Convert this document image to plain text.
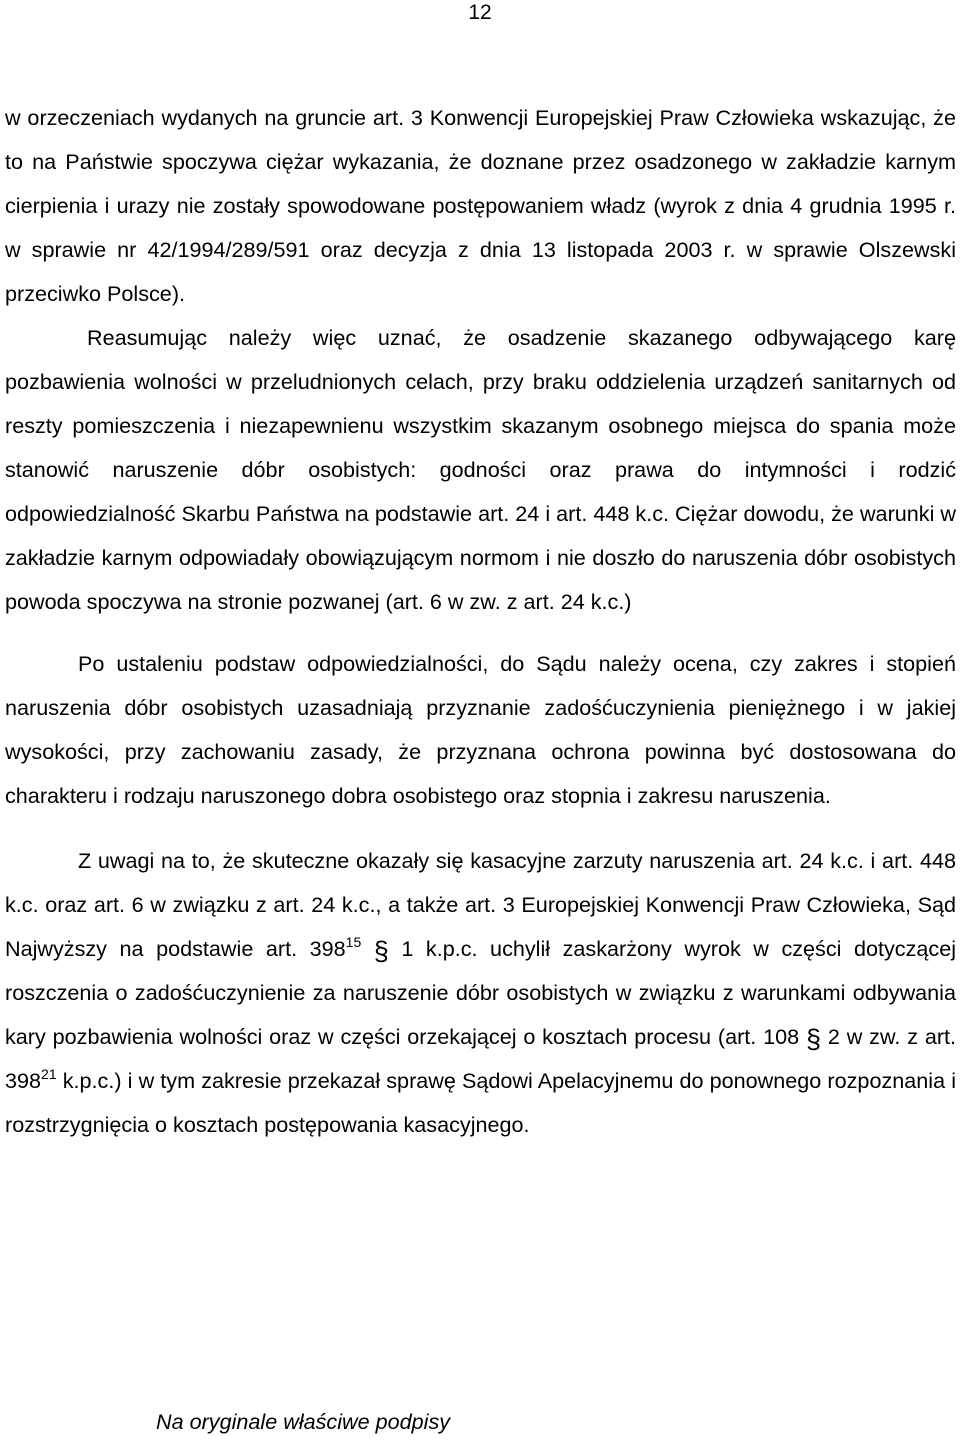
12

w orzeczeniach wydanych na gruncie art. 3 Konwencji Europejskiej Praw Człowieka wskazując, że to na Państwie spoczywa ciężar wykazania, że doznane przez osadzonego w zakładzie karnym cierpienia i urazy nie zostały spowodowane postępowaniem władz (wyrok z dnia 4 grudnia 1995 r. w sprawie nr 42/1994/289/591 oraz decyzja z dnia 13 listopada 2003 r. w sprawie Olszewski przeciwko Polsce).

Reasumując należy więc uznać, że osadzenie skazanego odbywającego karę pozbawienia wolności w przeludnionych celach, przy braku oddzielenia urządzeń sanitarnych od reszty pomieszczenia i niezapewnienu wszystkim skazanym osobnego miejsca do spania może stanowić naruszenie dóbr osobistych: godności oraz prawa do intymności i rodzić odpowiedzialność Skarbu Państwa na podstawie art. 24 i art. 448 k.c. Ciężar dowodu, że warunki w zakładzie karnym odpowiadały obowiązującym normom i nie doszło do naruszenia dóbr osobistych powoda spoczywa na stronie pozwanej (art. 6 w zw. z art. 24 k.c.)

Po ustaleniu podstaw odpowiedzialności, do Sądu należy ocena, czy zakres i stopień naruszenia dóbr osobistych uzasadniają przyznanie zadośćuczynienia pieniężnego i w jakiej wysokości, przy zachowaniu zasady, że przyznana ochrona powinna być dostosowana do charakteru i rodzaju naruszonego dobra osobistego oraz stopnia i zakresu naruszenia.

Z uwagi na to, że skuteczne okazały się kasacyjne zarzuty naruszenia art. 24 k.c. i art. 448 k.c. oraz art. 6 w związku z art. 24 k.c., a także art. 3 Europejskiej Konwencji Praw Człowieka, Sąd Najwyższy na podstawie art. $398^{15}$ § 1 k.p.c. uchylił zaskarżony wyrok w części dotyczącej roszczenia o zadośćuczynienie za naruszenie dóbr osobistych w związku z warunkami odbywania kary pozbawienia wolności oraz w części orzekającej o kosztach procesu (art. 108 § 2 w zw. z art. $398^{21}$ k.p.c.) i w tym zakresie przekazał sprawę Sądowi Apelacyjnemu do ponownego rozpoznania i rozstrzygnięcia o kosztach postępowania kasacyjnego.

Na oryginale właściwe podpisy
